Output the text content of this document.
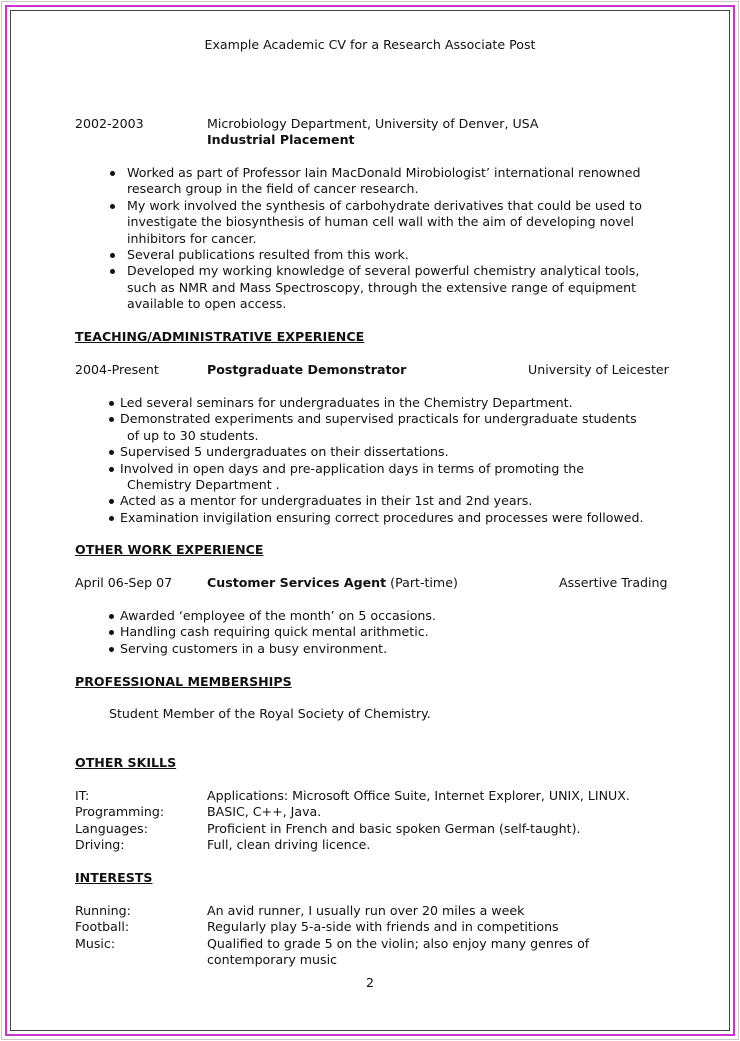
Example Academic CV for a Research Associate Post
2002-2003	Microbiology Department, University of Denver, USA
Industrial Placement
Worked as part of Professor Iain MacDonald Mirobiologist’ international renowned
research group in the field of cancer research.
My work involved the synthesis of carbohydrate derivatives that could be used to
investigate the biosynthesis of human cell wall with the aim of developing novel
inhibitors for cancer.
Several publications resulted from this work.
Developed my working knowledge of several powerful chemistry analytical tools,
such as NMR and Mass Spectroscopy, through the extensive range of equipment
available to open access.
TEACHING/ADMINISTRATIVE EXPERIENCE
2004-Present	Postgraduate Demonstrator	University of Leicester
Led several seminars for undergraduates in the Chemistry Department.
Demonstrated experiments and supervised practicals for undergraduate students
of up to 30 students.
Supervised 5 undergraduates on their dissertations.
Involved in open days and pre-application days in terms of promoting the
Chemistry Department .
Acted as a mentor for undergraduates in their 1st and 2nd years.
Examination invigilation ensuring correct procedures and processes were followed.
OTHER WORK EXPERIENCE
April 06-Sep 07	Customer Services Agent (Part-time)	Assertive Trading
Awarded ‘employee of the month’ on 5 occasions.
Handling cash requiring quick mental arithmetic.
Serving customers in a busy environment.
PROFESSIONAL MEMBERSHIPS
Student Member of the Royal Society of Chemistry.
OTHER SKILLS
IT:	Applications: Microsoft Office Suite, Internet Explorer, UNIX, LINUX.
Programming:	BASIC, C++, Java.
Languages:	Proficient in French and basic spoken German (self-taught).
Driving:	Full, clean driving licence.
INTERESTS
Running:	An avid runner, I usually run over 20 miles a week
Football:	Regularly play 5-a-side with friends and in competitions
Music:	Qualified to grade 5 on the violin; also enjoy many genres of
contemporary music
2
